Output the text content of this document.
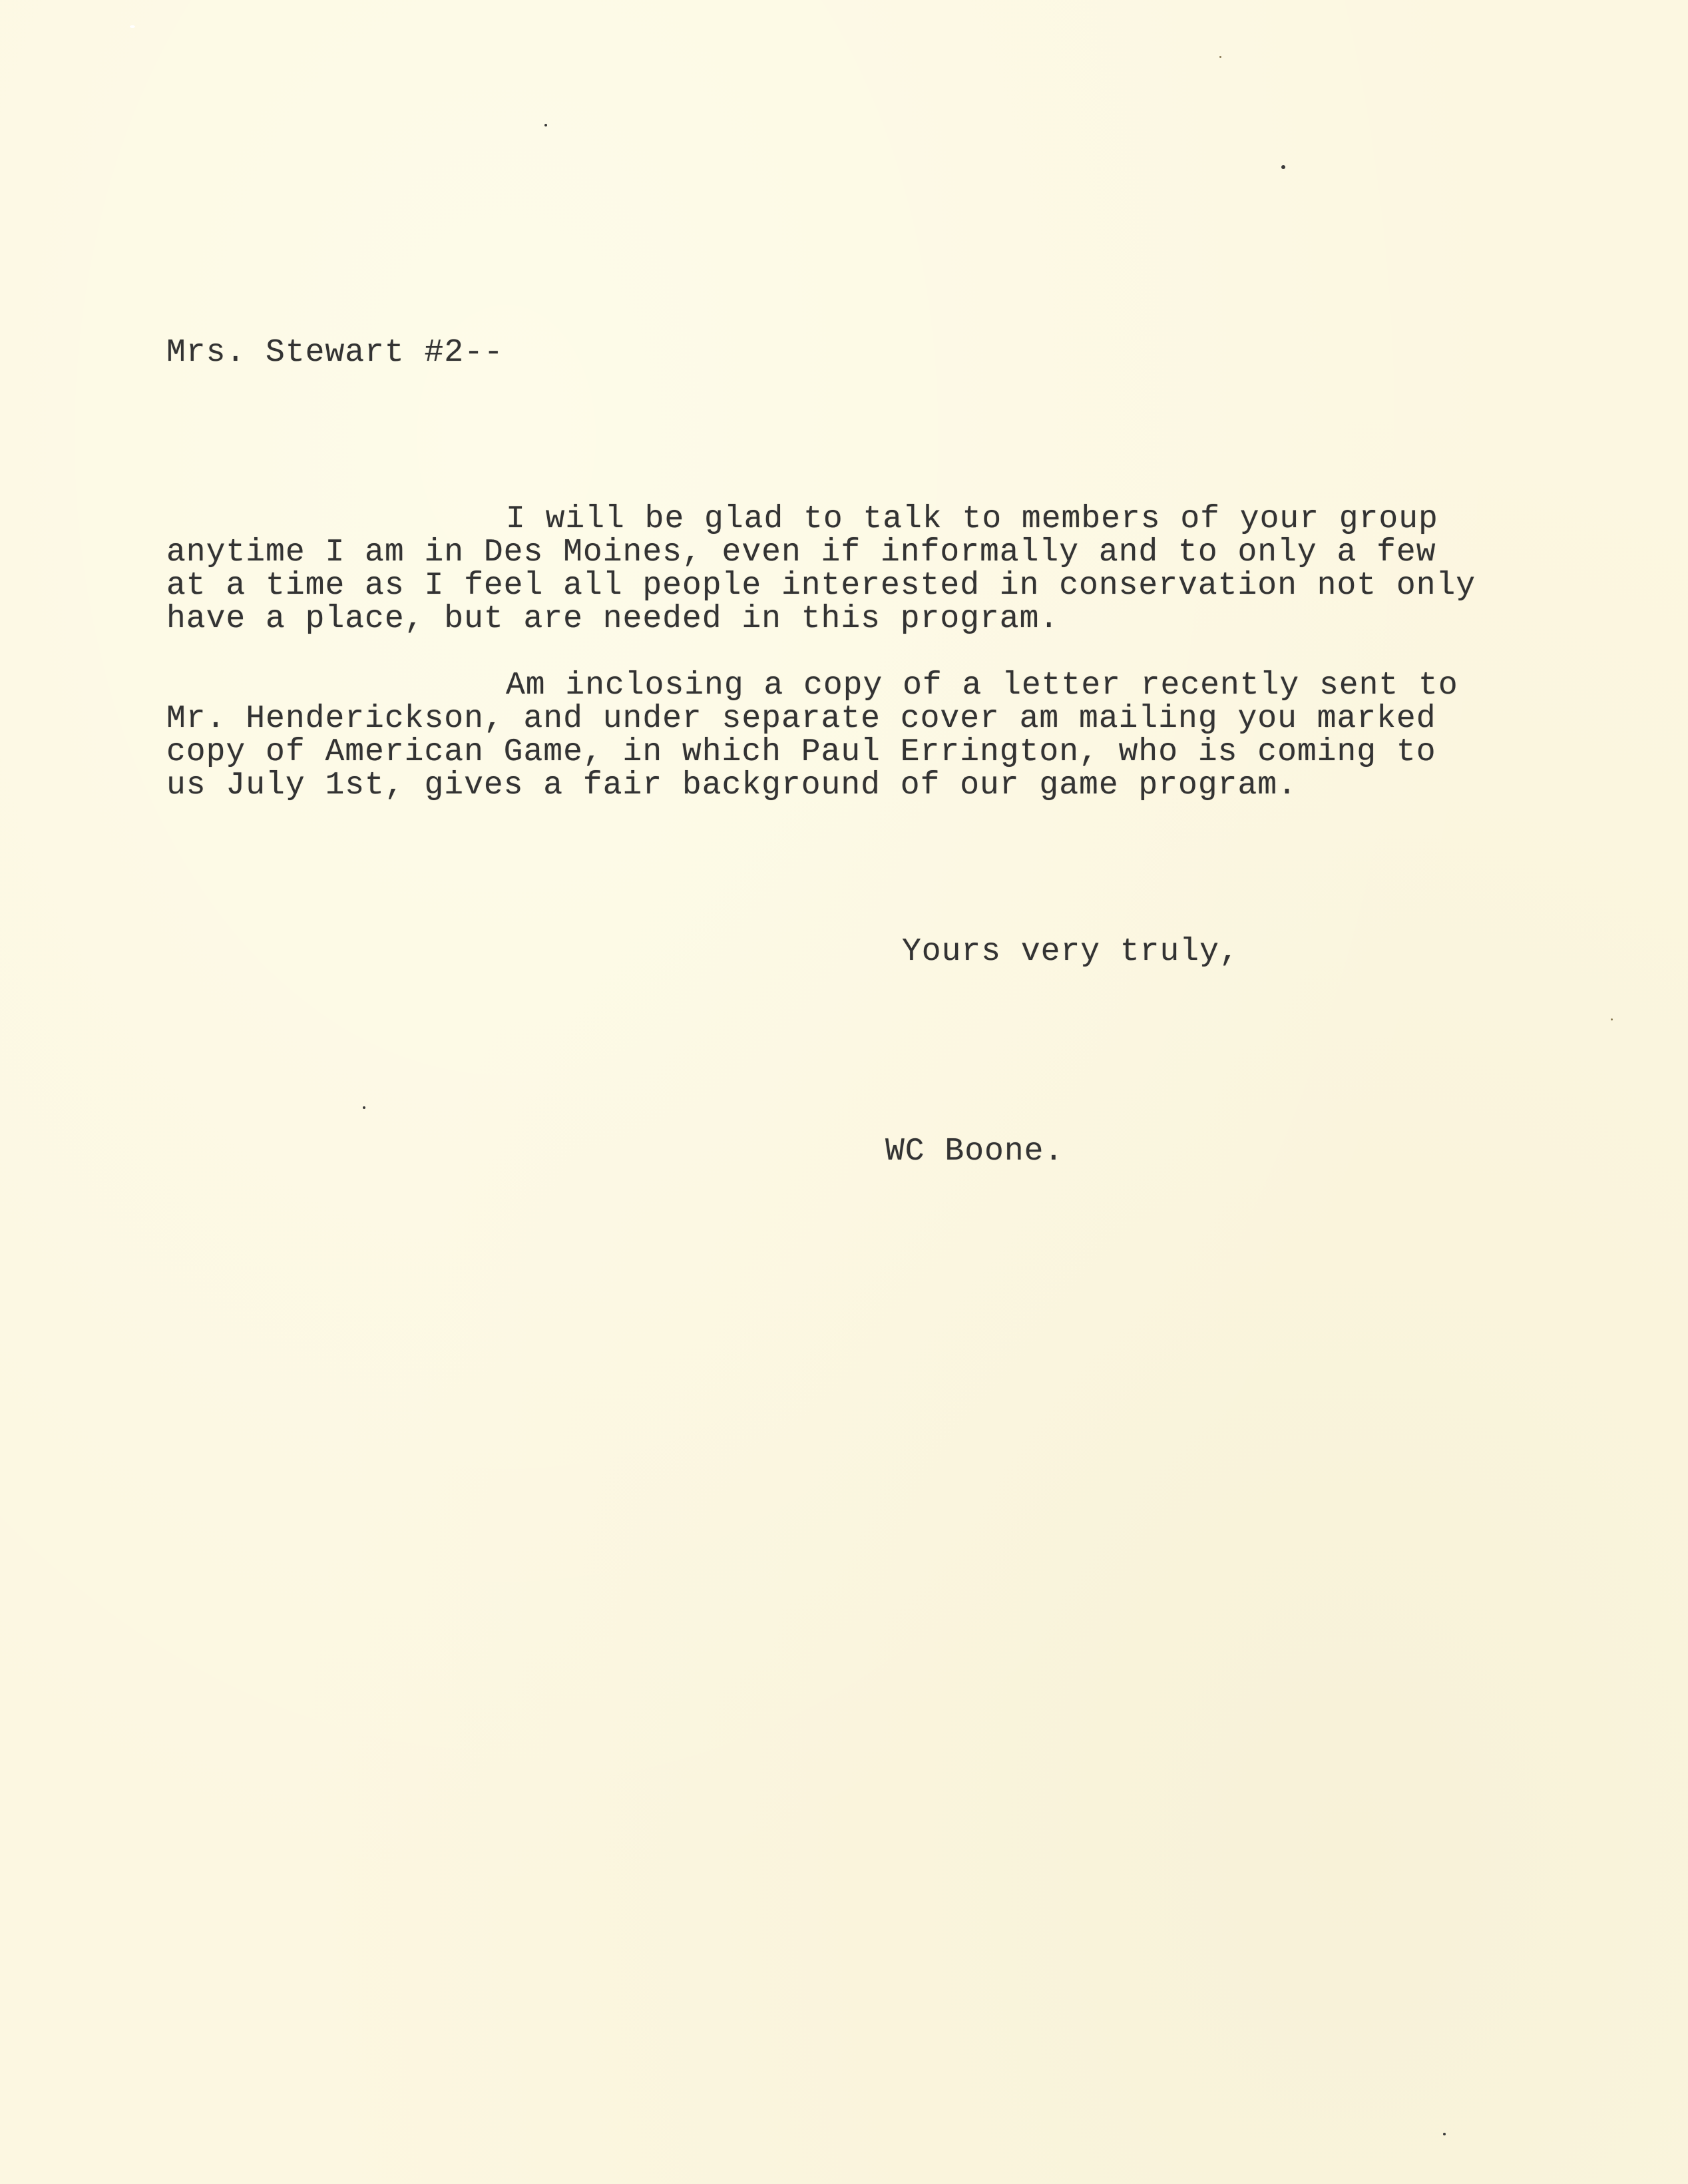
Mrs. Stewart #2--
I will be glad to talk to members of your group
anytime I am in Des Moines, even if informally and to only a few
at a time as I feel all people interested in conservation not only
have a place, but are needed in this program.
Am inclosing a copy of a letter recently sent to
Mr. Henderickson, and under separate cover am mailing you marked
copy of American Game, in which Paul Errington, who is coming to
us July 1st, gives a fair background of our game program.
Yours very truly,
WC Boone.
